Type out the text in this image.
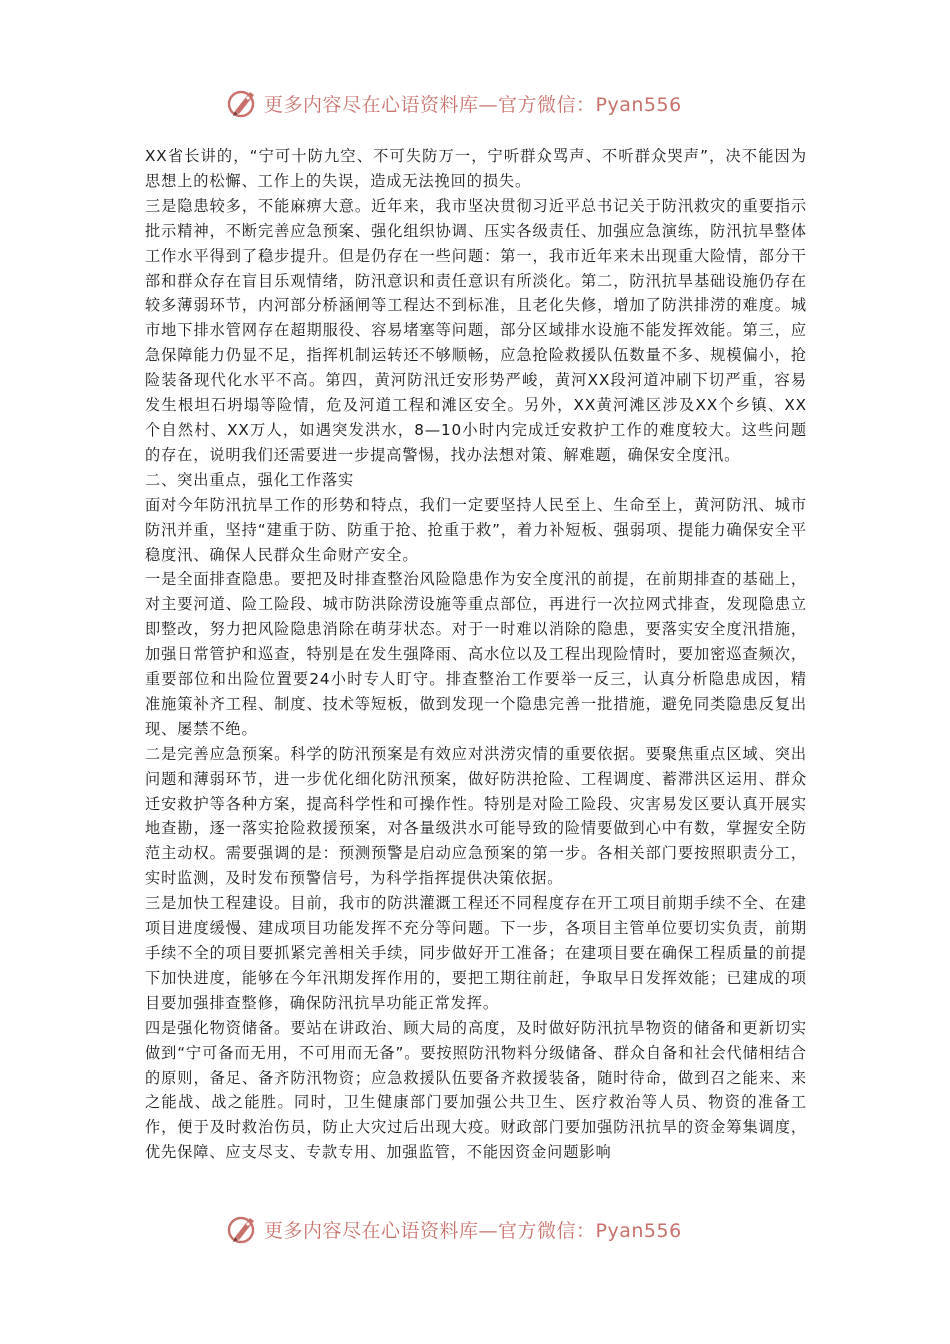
更多内容尽在心语资料库—官方微信：Pyan556

XX省长讲的，“宁可十防九空、不可失防万一，宁听群众骂声、不听群众哭声”，决不能因为思想上的松懈、工作上的失误，造成无法挽回的损失。

三是隐患较多，不能麻痹大意。近年来，我市坚决贯彻习近平总书记关于防汛救灾的重要指示批示精神，不断完善应急预案、强化组织协调、压实各级责任、加强应急演练，防汛抗旱整体工作水平得到了稳步提升。但是仍存在一些问题：第一，我市近年来未出现重大险情，部分干部和群众存在盲目乐观情绪，防汛意识和责任意识有所淡化。第二，防汛抗旱基础设施仍存在较多薄弱环节，内河部分桥涵闸等工程达不到标准，且老化失修，增加了防洪排涝的难度。城市地下排水管网存在超期服役、容易堵塞等问题，部分区域排水设施不能发挥效能。第三，应急保障能力仍显不足，指挥机制运转还不够顺畅，应急抢险救援队伍数量不多、规模偏小，抢险装备现代化水平不高。第四，黄河防汛迁安形势严峻，黄河XX段河道冲刷下切严重，容易发生根坦石坍塌等险情，危及河道工程和滩区安全。另外，XX黄河滩区涉及XX个乡镇、XX个自然村、XX万人，如遇突发洪水，8—10小时内完成迁安救护工作的难度较大。这些问题的存在，说明我们还需要进一步提高警惕，找办法想对策、解难题，确保安全度汛。

二、突出重点，强化工作落实

面对今年防汛抗旱工作的形势和特点，我们一定要坚持人民至上、生命至上，黄河防汛、城市防汛并重，坚持“建重于防、防重于抢、抢重于救”，着力补短板、强弱项、提能力确保安全平稳度汛、确保人民群众生命财产安全。

一是全面排查隐患。要把及时排查整治风险隐患作为安全度汛的前提，在前期排查的基础上，对主要河道、险工险段、城市防洪除涝设施等重点部位，再进行一次拉网式排查，发现隐患立即整改，努力把风险隐患消除在萌芽状态。对于一时难以消除的隐患，要落实安全度汛措施，加强日常管护和巡查，特别是在发生强降雨、高水位以及工程出现险情时，要加密巡查频次，重要部位和出险位置要24小时专人盯守。排查整治工作要举一反三，认真分析隐患成因，精准施策补齐工程、制度、技术等短板，做到发现一个隐患完善一批措施，避免同类隐患反复出现、屡禁不绝。

二是完善应急预案。科学的防汛预案是有效应对洪涝灾情的重要依据。要聚焦重点区域、突出问题和薄弱环节，进一步优化细化防汛预案，做好防洪抢险、工程调度、蓄滞洪区运用、群众迁安救护等各种方案，提高科学性和可操作性。特别是对险工险段、灾害易发区要认真开展实地查勘，逐一落实抢险救援预案，对各量级洪水可能导致的险情要做到心中有数，掌握安全防范主动权。需要强调的是：预测预警是启动应急预案的第一步。各相关部门要按照职责分工，实时监测，及时发布预警信号，为科学指挥提供决策依据。

三是加快工程建设。目前，我市的防洪灌溉工程还不同程度存在开工项目前期手续不全、在建项目进度缓慢、建成项目功能发挥不充分等问题。下一步，各项目主管单位要切实负责，前期手续不全的项目要抓紧完善相关手续，同步做好开工准备；在建项目要在确保工程质量的前提下加快进度，能够在今年汛期发挥作用的，要把工期往前赶，争取早日发挥效能；已建成的项目要加强排查整修，确保防汛抗旱功能正常发挥。

四是强化物资储备。要站在讲政治、顾大局的高度，及时做好防汛抗旱物资的储备和更新切实做到“宁可备而无用，不可用而无备”。要按照防汛物料分级储备、群众自备和社会代储相结合的原则，备足、备齐防汛物资；应急救援队伍要备齐救援装备，随时待命，做到召之能来、来之能战、战之能胜。同时，卫生健康部门要加强公共卫生、医疗救治等人员、物资的准备工作，便于及时救治伤员，防止大灾过后出现大疫。财政部门要加强防汛抗旱的资金筹集调度，优先保障、应支尽支、专款专用、加强监管，不能因资金问题影响

更多内容尽在心语资料库—官方微信：Pyan556
